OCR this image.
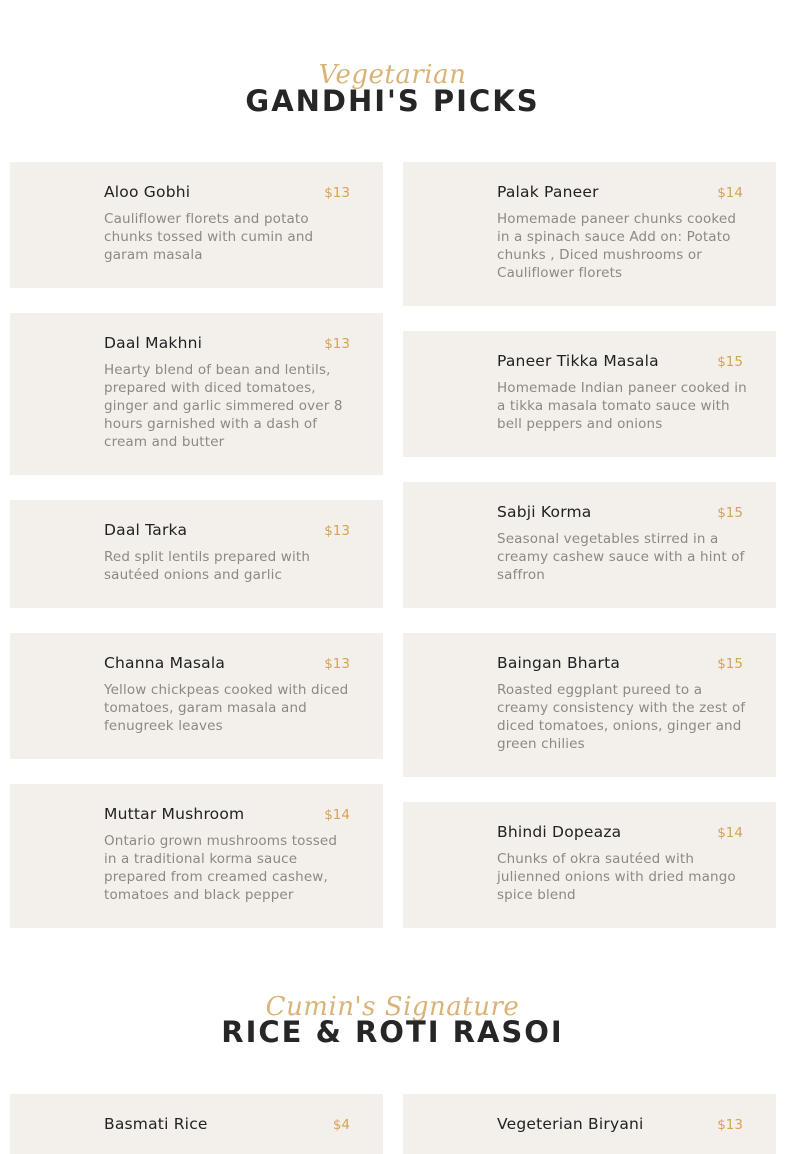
Vegetarian
GANDHI'S PICKS
Aloo Gobhi	$13
Cauliflower florets and potato chunks tossed with cumin and garam masala
Daal Makhni	$13
Hearty blend of bean and lentils, prepared with diced tomatoes, ginger and garlic simmered over 8 hours garnished with a dash of cream and butter
Daal Tarka	$13
Red split lentils prepared with sautéed onions and garlic
Channa Masala	$13
Yellow chickpeas cooked with diced tomatoes, garam masala and fenugreek leaves
Muttar Mushroom	$14
Ontario grown mushrooms tossed in a traditional korma sauce prepared from creamed cashew, tomatoes and black pepper
Palak Paneer	$14
Homemade paneer chunks cooked in a spinach sauce Add on: Potato chunks , Diced mushrooms or Cauliflower florets
Paneer Tikka Masala	$15
Homemade Indian paneer cooked in a tikka masala tomato sauce with bell peppers and onions
Sabji Korma	$15
Seasonal vegetables stirred in a creamy cashew sauce with a hint of saffron
Baingan Bharta	$15
Roasted eggplant pureed to a creamy consistency with the zest of diced tomatoes, onions, ginger and green chilies
Bhindi Dopeaza	$14
Chunks of okra sautéed with julienned onions with dried mango spice blend
Cumin's Signature
RICE & ROTI RASOI
Basmati Rice	$4	Vegeterian Biryani	$13
